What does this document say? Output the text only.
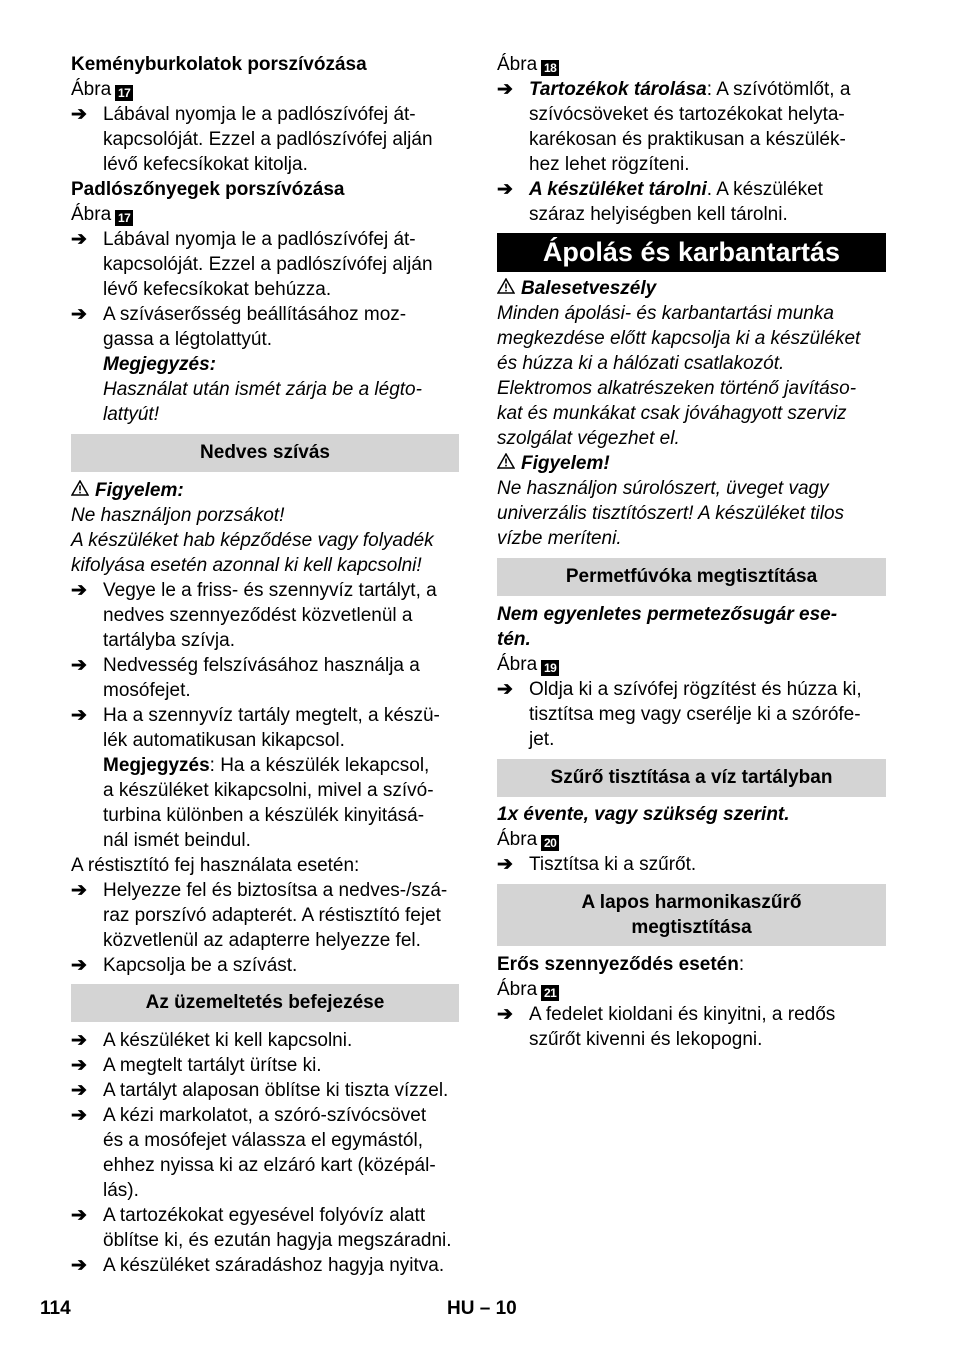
Keményburkolatok porszívózása
Ábra 17
➔ Lábával nyomja le a padlószívófej át-
kapcsolóját. Ezzel a padlószívófej alján
lévő kefecsíkokat kitolja.
Padlószőnyegek porszívózása
Ábra 17
➔ Lábával nyomja le a padlószívófej át-
kapcsolóját. Ezzel a padlószívófej alján
lévő kefecsíkokat behúzza.
➔ A szíváserősség beállításához moz-
gassa a légtolattyút.
Megjegyzés:
Használat után ismét zárja be a légto-
lattyút!
Nedves szívás
Figyelem:
Ne használjon porzsákot!
A készüléket hab képződése vagy folyadék
kifolyása esetén azonnal ki kell kapcsolni!
➔ Vegye le a friss- és szennyvíz tartályt, a
nedves szennyeződést közvetlenül a
tartályba szívja.
➔ Nedvesség felszívásához használja a
mosófejet.
➔ Ha a szennyvíz tartály megtelt, a készü-
lék automatikusan kikapcsol.
Megjegyzés: Ha a készülék lekapcsol,
a készüléket kikapcsolni, mivel a szívó-
turbina különben a készülék kinyitásá-
nál ismét beindul.
A réstisztító fej használata esetén:
➔ Helyezze fel és biztosítsa a nedves-/szá-
raz porszívó adapterét. A réstisztító fejet
közvetlenül az adapterre helyezze fel.
➔ Kapcsolja be a szívást.
Az üzemeltetés befejezése
➔ A készüléket ki kell kapcsolni.
➔ A megtelt tartályt ürítse ki.
➔ A tartályt alaposan öblítse ki tiszta vízzel.
➔ A kézi markolatot, a szóró-szívócsövet
és a mosófejet válassza el egymástól,
ehhez nyissa ki az elzáró kart (középál-
lás).
➔ A tartozékokat egyesével folyóvíz alatt
öblítse ki, és ezután hagyja megszáradni.
➔ A készüléket száradáshoz hagyja nyitva.
Ábra 18
➔ Tartozékok tárolása: A szívótömlőt, a
szívócsöveket és tartozékokat helyta-
karékosan és praktikusan a készülék-
hez lehet rögzíteni.
➔ A készüléket tárolni. A készüléket
száraz helyiségben kell tárolni.
Ápolás és karbantartás
Balesetveszély
Minden ápolási- és karbantartási munka
megkezdése előtt kapcsolja ki a készüléket
és húzza ki a hálózati csatlakozót.
Elektromos alkatrészeken történő javításo-
kat és munkákat csak jóváhagyott szerviz
szolgálat végezhet el.
Figyelem!
Ne használjon súrolószert, üveget vagy
univerzális tisztítószert! A készüléket tilos
vízbe meríteni.
Permetfúvóka megtisztítása
Nem egyenletes permetezősugár ese-
tén.
Ábra 19
➔ Oldja ki a szívófej rögzítést és húzza ki,
tisztítsa meg vagy cserélje ki a szórófe-
jet.
Szűrő tisztítása a víz tartályban
1x évente, vagy szükség szerint.
Ábra 20
➔ Tisztítsa ki a szűrőt.
A lapos harmonikaszűrő
megtisztítása
Erős szennyeződés esetén:
Ábra 21
➔ A fedelet kioldani és kinyitni, a redős
szűrőt kivenni és lekopogni.
114	HU – 10
